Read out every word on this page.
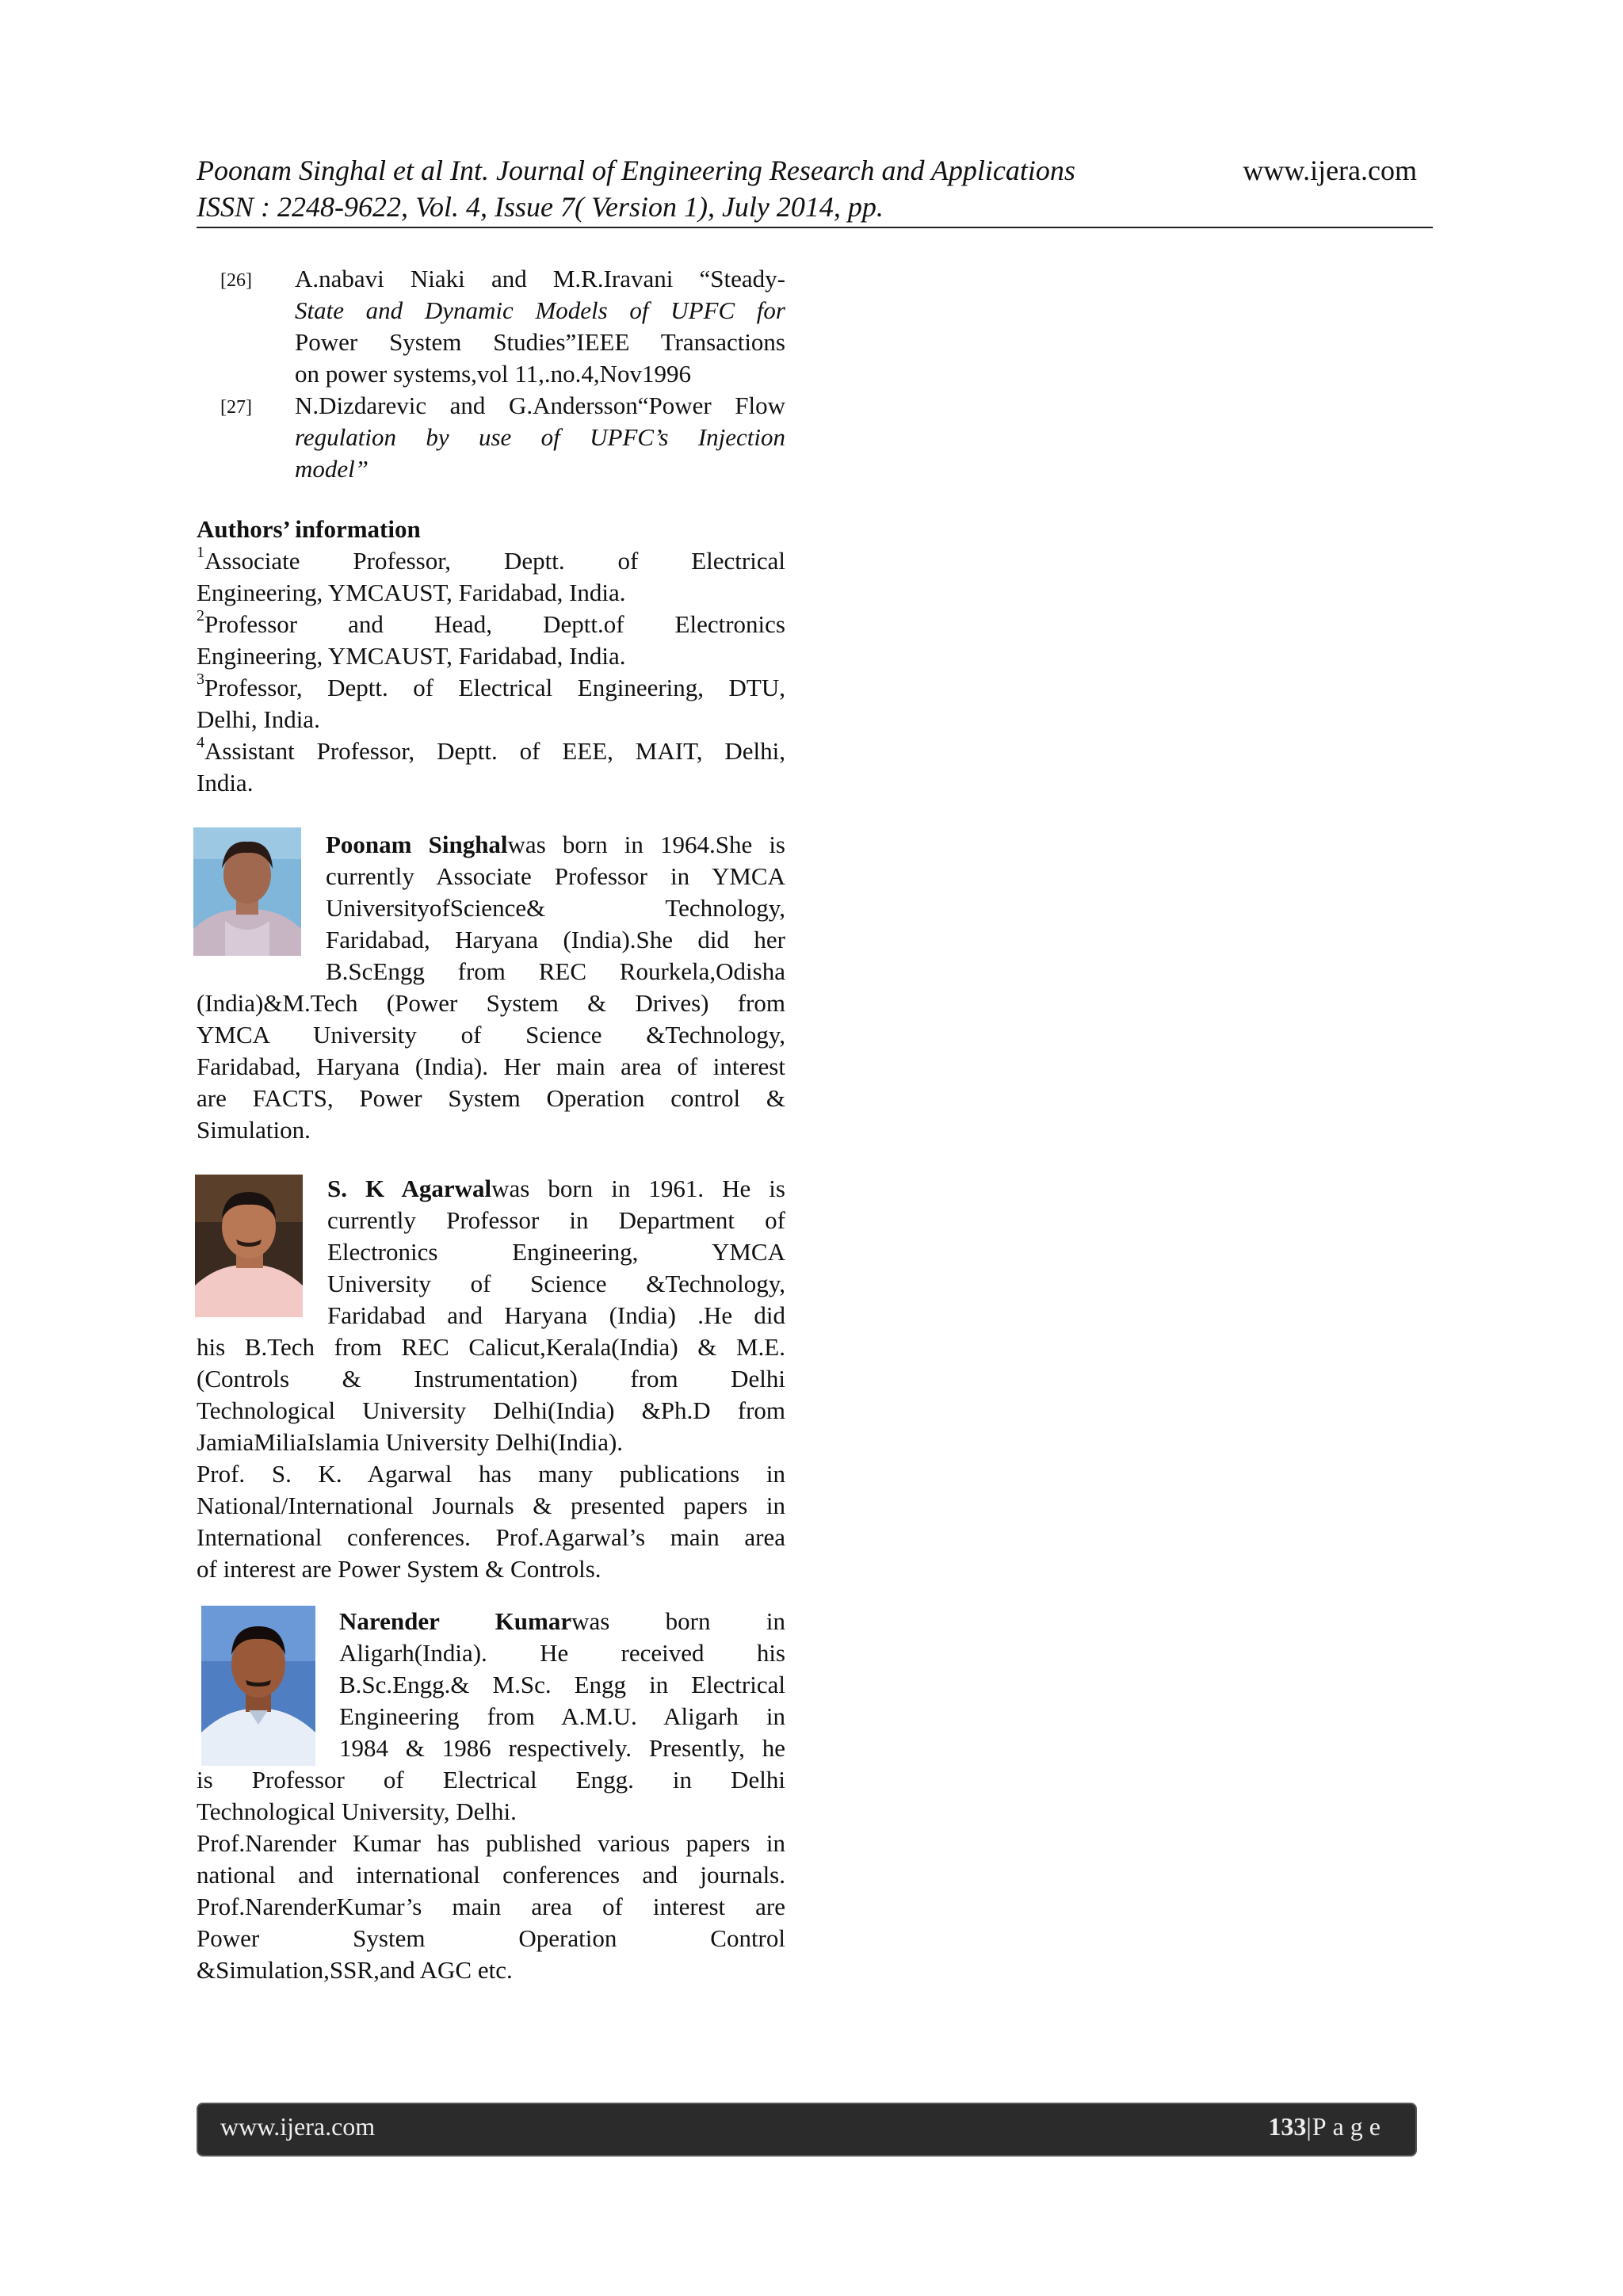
Poonam Singhal et al Int. Journal of Engineering Research and Applications
ISSN : 2248-9622, Vol. 4, Issue 7( Version 1), July 2014, pp.
www.ijera.com
[26] A.nabavi Niaki and M.R.Iravani “Steady-
State and Dynamic Models of UPFC for
Power System Studies”IEEE Transactions
on power systems,vol 11,.no.4,Nov1996
[27] N.Dizdarevic and G.Andersson“Power Flow
regulation by use of UPFC’s Injection
model”
Authors’ information
$^1$Associate Professor, Deptt. of Electrical
Engineering, YMCAUST, Faridabad, India.
$^2$Professor and Head, Deptt.of Electronics
Engineering, YMCAUST, Faridabad, India.
$^3$Professor, Deptt. of Electrical Engineering, DTU,
Delhi, India.
$^4$Assistant Professor, Deptt. of EEE, MAIT, Delhi,
India.
Poonam Singhalwas born in 1964.She is
currently Associate Professor in YMCA
UniversityofScience& Technology,
Faridabad, Haryana (India).She did her
B.ScEngg from REC Rourkela,Odisha
(India)&M.Tech (Power System & Drives) from
YMCA University of Science &Technology,
Faridabad, Haryana (India). Her main area of interest
are FACTS, Power System Operation control &
Simulation.
S. K Agarwalwas born in 1961. He is
currently Professor in Department of
Electronics Engineering, YMCA
University of Science &Technology,
Faridabad and Haryana (India) .He did
his B.Tech from REC Calicut,Kerala(India) & M.E.
(Controls & Instrumentation) from Delhi
Technological University Delhi(India) &Ph.D from
JamiaMiliaIslamia University Delhi(India).
Prof. S. K. Agarwal has many publications in
National/International Journals & presented papers in
International conferences. Prof.Agarwal’s main area
of interest are Power System & Controls.
Narender Kumarwas born in
Aligarh(India). He received his
B.Sc.Engg.& M.Sc. Engg in Electrical
Engineering from A.M.U. Aligarh in
1984 & 1986 respectively. Presently, he
is Professor of Electrical Engg. in Delhi
Technological University, Delhi.
Prof.Narender Kumar has published various papers in
national and international conferences and journals.
Prof.NarenderKumar’s main area of interest are
Power System Operation Control
&Simulation,SSR,and AGC etc.
www.ijera.com	133|Page
